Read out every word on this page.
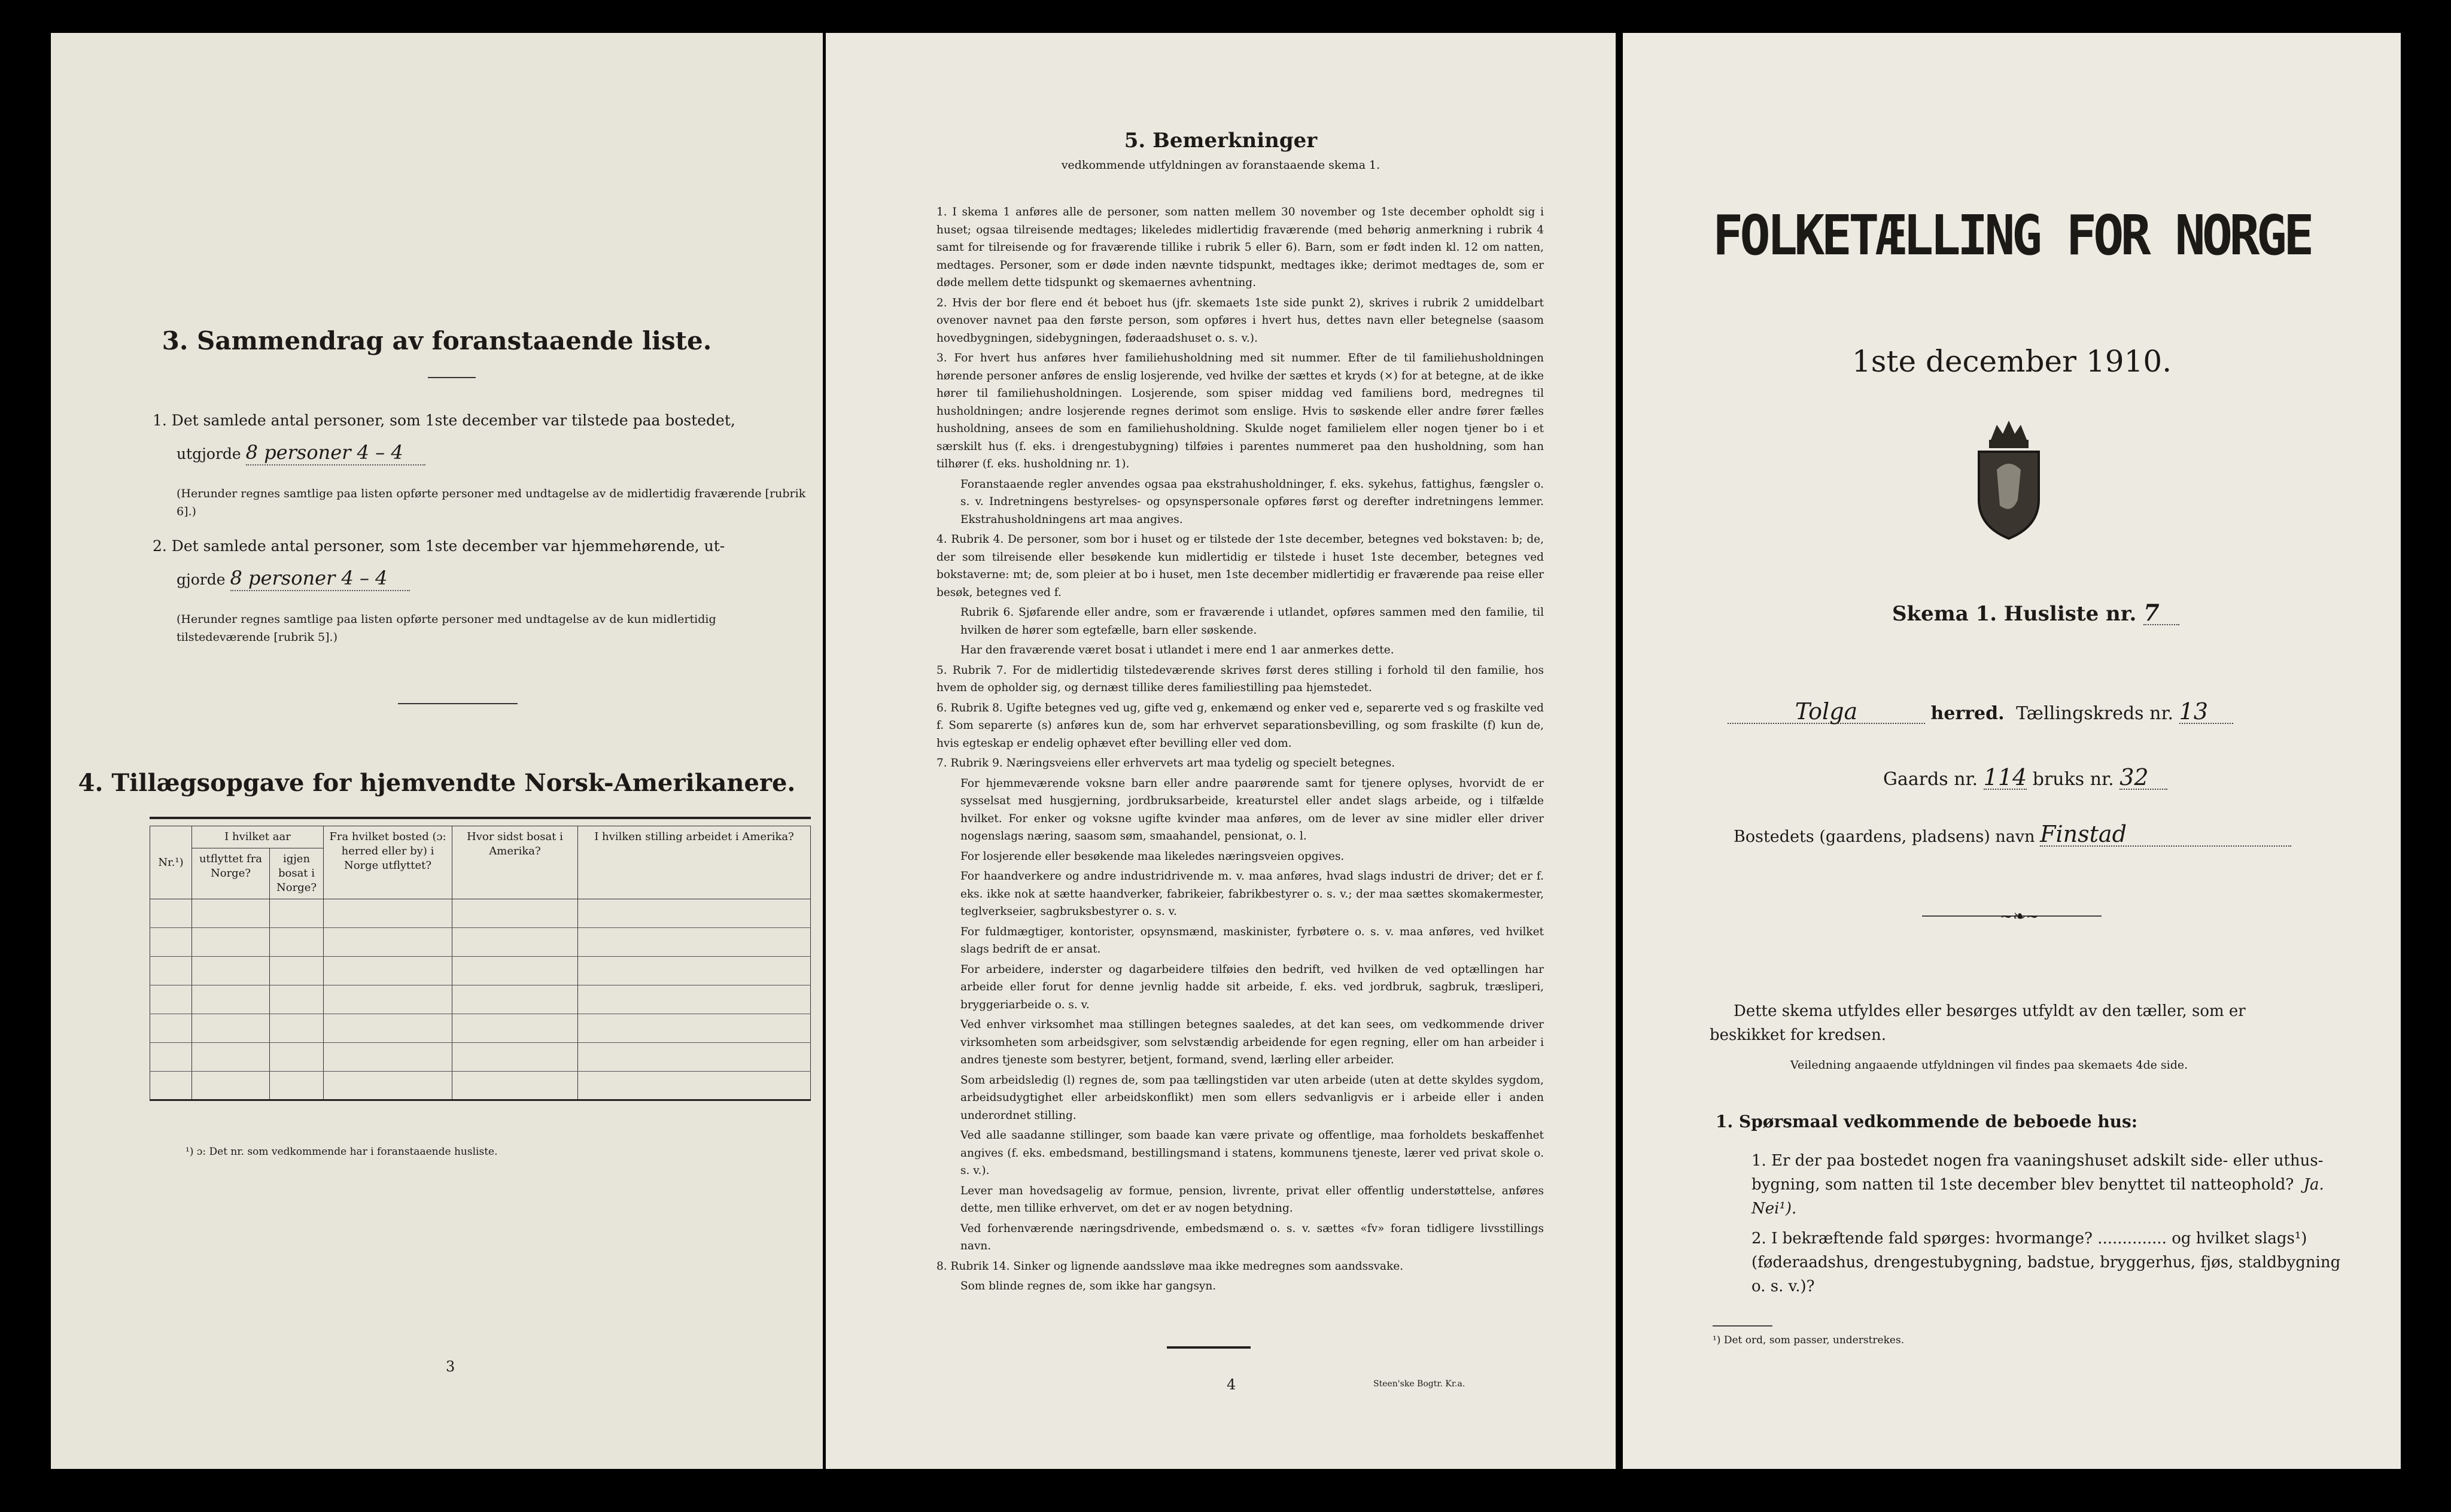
3. Sammendrag av foranstaaende liste.
1. Det samlede antal personer, som 1ste december var tilstede paa bostedet,
utgjorde 8 personer 4 – 4
(Herunder regnes samtlige paa listen opførte personer med undtagelse av de midlertidig fraværende [rubrik 6].)
2. Det samlede antal personer, som 1ste december var hjemmehørende, ut-
gjorde 8 personer 4 – 4
(Herunder regnes samtlige paa listen opførte personer med undtagelse av de kun midlertidig tilstedeværende [rubrik 5].)
4. Tillægsopgave for hjemvendte Norsk-Amerikanere.
Nr.¹)	I hvilket aar		Fra hvilket bosted (ɔ: herred eller by) i Norge utflyttet?	Hvor sidst bosat i Amerika?	I hvilken stilling arbeidet i Amerika?
	utflyttet fra Norge?	igjen bosat i Norge?			

¹) ɔ: Det nr. som vedkommende har i foranstaaende husliste.
3
5. Bemerkninger
vedkommende utfyldningen av foranstaaende skema 1.

1. I skema 1 anføres alle de personer, som natten mellem 30 november og 1ste december opholdt sig i huset; ogsaa tilreisende medtages; likeledes midlertidig fraværende (med behørig anmerkning i rubrik 4 samt for tilreisende og for fraværende tillike i rubrik 5 eller 6). Barn, som er født inden kl. 12 om natten, medtages. Personer, som er døde inden nævnte tidspunkt, medtages ikke; derimot medtages de, som er døde mellem dette tidspunkt og skemaernes avhentning.

2. Hvis der bor flere end ét beboet hus (jfr. skemaets 1ste side punkt 2), skrives i rubrik 2 umiddelbart ovenover navnet paa den første person, som opføres i hvert hus, dettes navn eller betegnelse (saasom hovedbygningen, sidebygningen, føderaadshuset o. s. v.).

3. For hvert hus anføres hver familiehusholdning med sit nummer. Efter de til familiehusholdningen hørende personer anføres de enslig losjerende, ved hvilke der sættes et kryds (×) for at betegne, at de ikke hører til familiehusholdningen. Losjerende, som spiser middag ved familiens bord, medregnes til husholdningen; andre losjerende regnes derimot som enslige. Hvis to søskende eller andre fører fælles husholdning, ansees de som en familiehusholdning. Skulde noget familielem eller nogen tjener bo i et særskilt hus (f. eks. i drengestubygning) tilføies i parentes nummeret paa den husholdning, som han tilhører (f. eks. husholdning nr. 1).

Foranstaaende regler anvendes ogsaa paa ekstrahusholdninger, f. eks. sykehus, fattighus, fængsler o. s. v. Indretningens bestyrelses- og opsynspersonale opføres først og derefter indretningens lemmer. Ekstrahusholdningens art maa angives.

4. Rubrik 4. De personer, som bor i huset og er tilstede der 1ste december, betegnes ved bokstaven: b; de, der som tilreisende eller besøkende kun midlertidig er tilstede i huset 1ste december, betegnes ved bokstaverne: mt; de, som pleier at bo i huset, men 1ste december midlertidig er fraværende paa reise eller besøk, betegnes ved f.

Rubrik 6. Sjøfarende eller andre, som er fraværende i utlandet, opføres sammen med den familie, til hvilken de hører som egtefælle, barn eller søskende.

Har den fraværende været bosat i utlandet i mere end 1 aar anmerkes dette.

5. Rubrik 7. For de midlertidig tilstedeværende skrives først deres stilling i forhold til den familie, hos hvem de opholder sig, og dernæst tillike deres familiestilling paa hjemstedet.

6. Rubrik 8. Ugifte betegnes ved ug, gifte ved g, enkemænd og enker ved e, separerte ved s og fraskilte ved f. Som separerte (s) anføres kun de, som har erhvervet separationsbevilling, og som fraskilte (f) kun de, hvis egteskap er endelig ophævet efter bevilling eller ved dom.

7. Rubrik 9. Næringsveiens eller erhvervets art maa tydelig og specielt betegnes.

For hjemmeværende voksne barn eller andre paarørende samt for tjenere oplyses, hvorvidt de er sysselsat med husgjerning, jordbruksarbeide, kreaturstel eller andet slags arbeide, og i tilfælde hvilket. For enker og voksne ugifte kvinder maa anføres, om de lever av sine midler eller driver nogenslags næring, saasom søm, smaahandel, pensionat, o. l.

For losjerende eller besøkende maa likeledes næringsveien opgives.

For haandverkere og andre industridrivende m. v. maa anføres, hvad slags industri de driver; det er f. eks. ikke nok at sætte haandverker, fabrikeier, fabrikbestyrer o. s. v.; der maa sættes skomakermester, teglverkseier, sagbruksbestyrer o. s. v.

For fuldmægtiger, kontorister, opsynsmænd, maskinister, fyrbøtere o. s. v. maa anføres, ved hvilket slags bedrift de er ansat.

For arbeidere, inderster og dagarbeidere tilføies den bedrift, ved hvilken de ved optællingen har arbeide eller forut for denne jevnlig hadde sit arbeide, f. eks. ved jordbruk, sagbruk, træsliperi, bryggeriarbeide o. s. v.

Ved enhver virksomhet maa stillingen betegnes saaledes, at det kan sees, om vedkommende driver virksomheten som arbeidsgiver, som selvstændig arbeidende for egen regning, eller om han arbeider i andres tjeneste som bestyrer, betjent, formand, svend, lærling eller arbeider.

Som arbeidsledig (l) regnes de, som paa tællingstiden var uten arbeide (uten at dette skyldes sygdom, arbeidsudygtighet eller arbeidskonflikt) men som ellers sedvanligvis er i arbeide eller i anden underordnet stilling.

Ved alle saadanne stillinger, som baade kan være private og offentlige, maa forholdets beskaffenhet angives (f. eks. embedsmand, bestillingsmand i statens, kommunens tjeneste, lærer ved privat skole o. s. v.).

Lever man hovedsagelig av formue, pension, livrente, privat eller offentlig understøttelse, anføres dette, men tillike erhvervet, om det er av nogen betydning.

Ved forhenværende næringsdrivende, embedsmænd o. s. v. sættes «fv» foran tidligere livsstillings navn.

8. Rubrik 14. Sinker og lignende aandssløve maa ikke medregnes som aandssvake.

Som blinde regnes de, som ikke har gangsyn.

4	Steen'ske Bogtr. Kr.a.
FOLKETÆLLING FOR NORGE
1ste december 1910.
Skema 1. Husliste nr. 7
Tolga	herred. Tællingskreds nr. 13
Gaards nr. 114 bruks nr. 32
Bostedets (gaardens, pladsens) navn Finstad
~❧~
Dette skema utfyldes eller besørges utfyldt av den tæller, som er beskikket for kredsen.
Veiledning angaaende utfyldningen vil findes paa skemaets 4de side.
1. Spørsmaal vedkommende de beboede hus:
1. Er der paa bostedet nogen fra vaaningshuset adskilt side- eller uthus-bygning, som natten til 1ste december blev benyttet til natteophold? Ja. Nei¹).
2. I bekræftende fald spørges: hvormange? .............. og hvilket slags¹) (føderaadshus, drengestubygning, badstue, bryggerhus, fjøs, staldbygning o. s. v.)?
¹) Det ord, som passer, understrekes.
